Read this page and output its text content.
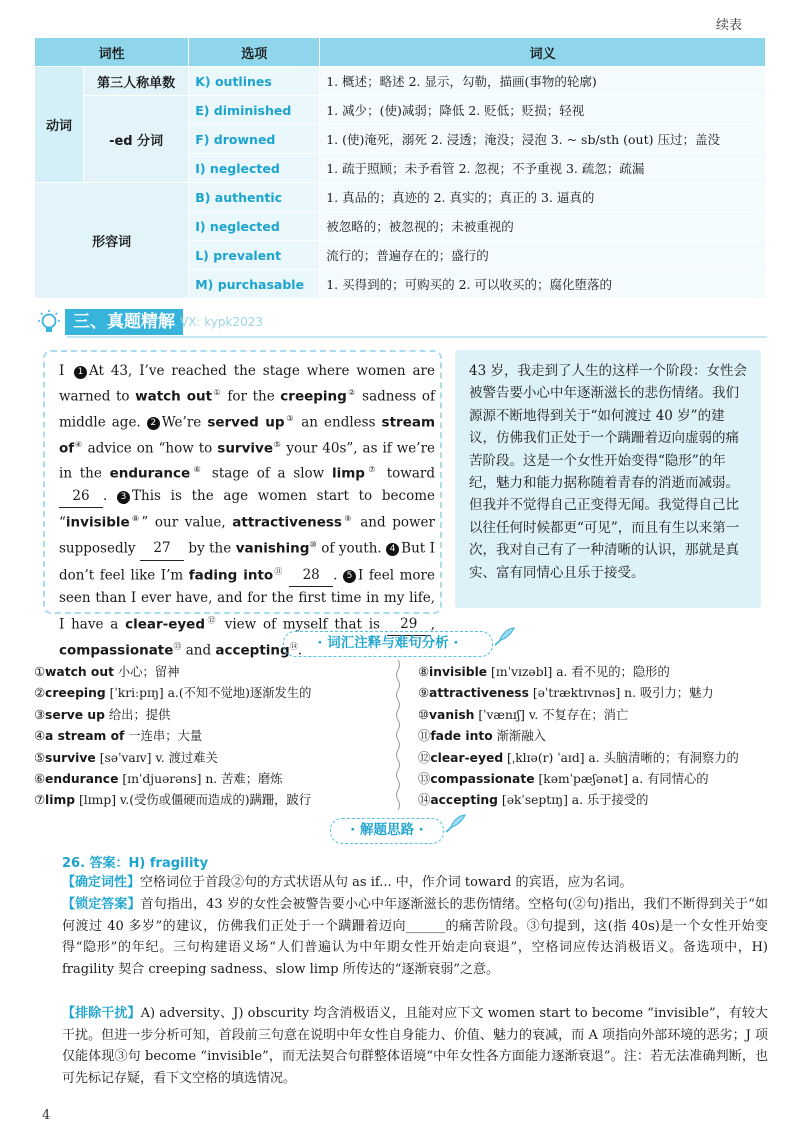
续表
词性		选项	词义
动词	第三人称单数	K) outlines	1. 概述；略述 2. 显示，勾勒，描画(事物的轮廓)
	-ed 分词	E) diminished	1. 减少；(使)减弱；降低 2. 贬低；贬损；轻视
		F) drowned	1. (使)淹死，溺死 2. 浸透；淹没；浸泡 3. ~ sb/sth (out) 压过；盖没
		I) neglected	1. 疏于照顾；未予看管 2. 忽视；不予重视 3. 疏忽；疏漏
形容词		B) authentic	1. 真品的；真迹的 2. 真实的；真正的 3. 逼真的
		I) neglected	被忽略的；被忽视的；未被重视的
		L) prevalent	流行的；普遍存在的；盛行的
		M) purchasable	1. 买得到的；可购买的 2. 可以收买的；腐化堕落的
三、真题精解 VX: kypk2023
Ⅰ 1 At 43, I’ve reached the stage where women are warned to watch out① for the creeping② sadness of middle age. 2 We’re served up③ an endless stream of④ advice on “how to survive⑤ your 40s”, as if we’re in the endurance⑥ stage of a slow limp⑦ toward 26 . 3 This is the age women start to become “invisible⑧” our value, attractiveness⑨ and power supposedly 27 by the vanishing⑩ of youth. 4 But I don’t feel like I’m fading into⑪ 28 . 5 I feel more seen than I ever have, and for the first time in my life, I have a clear-eyed⑫ view of myself that is 29 , compassionate⑬ and accepting⑭.
43 岁，我走到了人生的这样一个阶段：女性会被警告要小心中年逐渐滋长的悲伤情绪。我们源源不断地得到关于“如何渡过 40 岁”的建议，仿佛我们正处于一个蹒跚着迈向虚弱的痛苦阶段。这是一个女性开始变得“隐形”的年纪，魅力和能力据称随着青春的消逝而减弱。但我并不觉得自己正变得无闻。我觉得自己比以往任何时候都更“可见”，而且有生以来第一次，我对自己有了一种清晰的认识，那就是真实、富有同情心且乐于接受。
· 词汇注释与难句分析 ·
①watch out 小心；留神
②creeping [ˈkriːpɪŋ] a.(不知不觉地)逐渐发生的
③serve up 给出；提供
④a stream of 一连串；大量
⑤survive [səˈvaɪv] v. 渡过难关
⑥endurance [ɪnˈdjuərəns] n. 苦难；磨炼
⑦limp [lɪmp] v.(受伤或僵硬而造成的)蹒跚，跛行
⑧invisible [ɪnˈvɪzəbl] a. 看不见的；隐形的
⑨attractiveness [əˈtræktɪvnəs] n. 吸引力；魅力
⑩vanish [ˈvænɪʃ] v. 不复存在；消亡
⑪fade into 渐渐融入
⑫clear-eyed [ˌklɪə(r) ˈaɪd] a. 头脑清晰的；有洞察力的
⑬compassionate [kəmˈpæʃənət] a. 有同情心的
⑭accepting [əkˈseptɪŋ] a. 乐于接受的
· 解题思路 ·
26. 答案：H) fragility
【确定词性】空格词位于首段②句的方式状语从句 as if... 中，作介词 toward 的宾语，应为名词。
【锁定答案】首句指出，43 岁的女性会被警告要小心中年逐渐滋长的悲伤情绪。空格句(②句)指出，我们不断得到关于“如何渡过 40 多岁”的建议，仿佛我们正处于一个蹒跚着迈向______的痛苦阶段。③句提到，这(指 40s)是一个女性开始变得“隐形”的年纪。三句构建语义场“人们普遍认为中年期女性开始走向衰退”，空格词应传达消极语义。备选项中，H) fragility 契合 creeping sadness、slow limp 所传达的“逐渐衰弱”之意。
【排除干扰】A) adversity、J) obscurity 均含消极语义，且能对应下文 women start to become “invisible”，有较大干扰。但进一步分析可知，首段前三句意在说明中年女性自身能力、价值、魅力的衰减，而 A 项指向外部环境的恶劣；J 项仅能体现③句 become “invisible”，而无法契合句群整体语境“中年女性各方面能力逐渐衰退”。注：若无法准确判断，也可先标记存疑，看下文空格的填选情况。
4
